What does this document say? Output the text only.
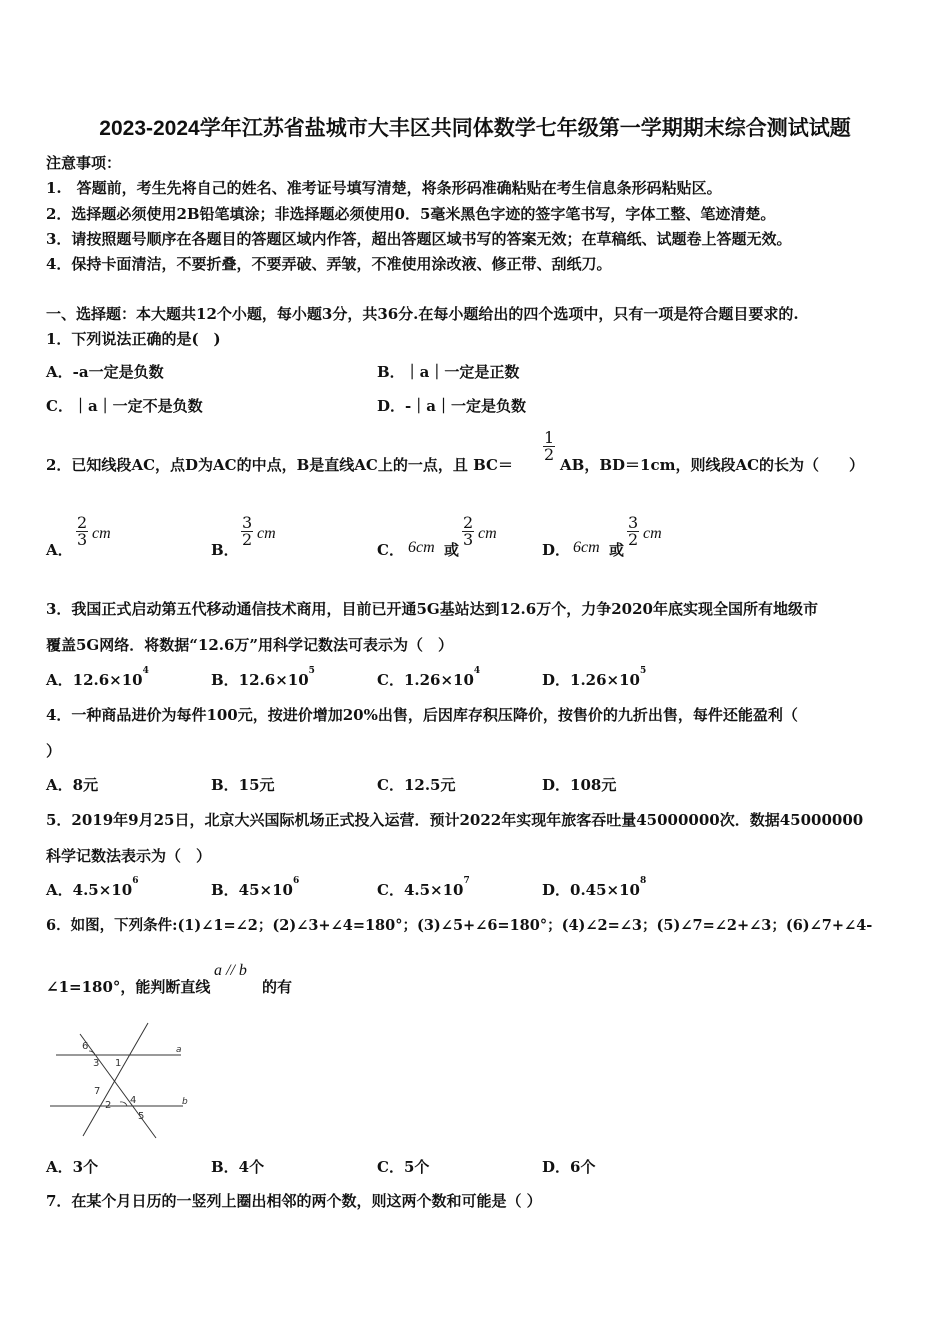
2023-2024学年江苏省盐城市大丰区共同体数学七年级第一学期期末综合测试试题
注意事项：
1.　答题前，考生先将自己的姓名、准考证号填写清楚，将条形码准确粘贴在考生信息条形码粘贴区。
2．选择题必须使用2B铅笔填涂；非选择题必须使用0．5毫米黑色字迹的签字笔书写，字体工整、笔迹清楚。
3．请按照题号顺序在各题目的答题区域内作答，超出答题区域书写的答案无效；在草稿纸、试题卷上答题无效。
4．保持卡面清洁，不要折叠，不要弄破、弄皱，不准使用涂改液、修正带、刮纸刀。
一、选择题：本大题共12个小题，每小题3分，共36分.在每小题给出的四个选项中，只有一项是符合题目要求的.
1．下列说法正确的是(　)
A．-a一定是负数	B．｜a｜一定是正数
C．｜a｜一定不是负数	D．-｜a｜一定是负数
2．已知线段AC，点D为AC的中点，B是直线AC上的一点，且 BC＝
$\frac{1}{2}$
AB，BD＝1cm，则线段AC的长为（　　）
A．
$\frac{2}{3}$ cm
B．
$\frac{3}{2}$ cm
C． 6cm 或
$\frac{2}{3}$ cm
D． 6cm 或
$\frac{3}{2}$ cm
3．我国正式启动第五代移动通信技术商用，目前已开通5G基站达到12.6万个，力争2020年底实现全国所有地级市
覆盖5G网络．将数据“12.6万”用科学记数法可表示为（　）
A．$12.6\times 10^4$	B．$12.6\times 10^5$	C．$1.26\times 10^4$	D．$1.26\times 10^5$
4．一种商品进价为每件100元，按进价增加20%出售，后因库存积压降价，按售价的九折出售，每件还能盈利（
）
A．8元	B．15元	C．12.5元	D．108元
5．2019年9月25日，北京大兴国际机场正式投入运营．预计2022年实现年旅客吞吐量45000000次．数据45000000
科学记数法表示为（　）
A．$4.5\times 10^6$	B．$45\times 10^6$	C．$4.5\times 10^7$	D．$0.45\times 10^8$
6．如图，下列条件:(1)∠1=∠2；(2)∠3+∠4=180°；(3)∠5+∠6=180°；(4)∠2=∠3；(5)∠7=∠2+∠3；(6)∠7+∠4-
∠1=180°，能判断直线
a // b
的有
6
3 1
a
7
2 4
5
b
A．3个	B．4个	C．5个	D．6个
7．在某个月日历的一竖列上圈出相邻的两个数，则这两个数和可能是（ ）
